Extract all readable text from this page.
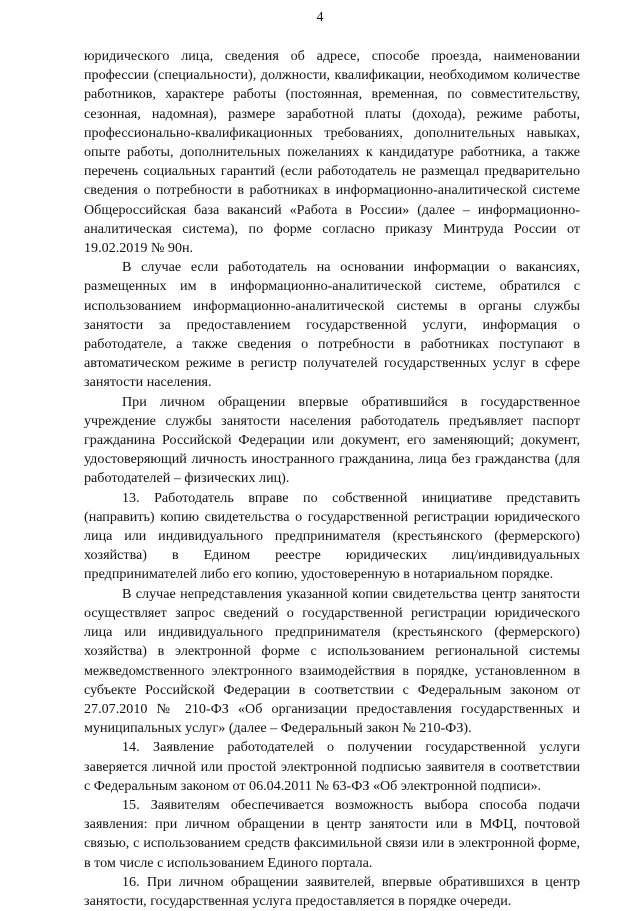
4

юридического лица, сведения об адресе, способе проезда, наименовании профессии (специальности), должности, квалификации, необходимом количестве работников, характере работы (постоянная, временная, по совместительству, сезонная, надомная), размере заработной платы (дохода), режиме работы, профессионально-квалификационных требованиях, дополнительных навыках, опыте работы, дополнительных пожеланиях к кандидатуре работника, а также перечень социальных гарантий (если работодатель не размещал предварительно сведения о потребности в работниках в информационно-аналитической системе Общероссийская база вакансий «Работа в России» (далее – информационно-аналитическая система), по форме согласно приказу Минтруда России от 19.02.2019 № 90н.

В случае если работодатель на основании информации о вакансиях, размещенных им в информационно-аналитической системе, обратился с использованием информационно-аналитической системы в органы службы занятости за предоставлением государственной услуги, информация о работодателе, а также сведения о потребности в работниках поступают в автоматическом режиме в регистр получателей государственных услуг в сфере занятости населения.

При личном обращении впервые обратившийся в государственное учреждение службы занятости населения работодатель предъявляет паспорт гражданина Российской Федерации или документ, его заменяющий; документ, удостоверяющий личность иностранного гражданина, лица без гражданства (для работодателей – физических лиц).

13. Работодатель вправе по собственной инициативе представить (направить) копию свидетельства о государственной регистрации юридического лица или индивидуального предпринимателя (крестьянского (фермерского) хозяйства) в Едином реестре юридических лиц/индивидуальных предпринимателей либо его копию, удостоверенную в нотариальном порядке.

В случае непредставления указанной копии свидетельства центр занятости осуществляет запрос сведений о государственной регистрации юридического лица или индивидуального предпринимателя (крестьянского (фермерского) хозяйства) в электронной форме с использованием региональной системы межведомственного электронного взаимодействия в порядке, установленном в субъекте Российской Федерации в соответствии с Федеральным законом от 27.07.2010 № 210-ФЗ «Об организации предоставления государственных и муниципальных услуг» (далее – Федеральный закон № 210-ФЗ).

14. Заявление работодателей о получении государственной услуги заверяется личной или простой электронной подписью заявителя в соответствии с Федеральным законом от 06.04.2011 № 63-ФЗ «Об электронной подписи».

15. Заявителям обеспечивается возможность выбора способа подачи заявления: при личном обращении в центр занятости или в МФЦ, почтовой связью, с использованием средств факсимильной связи или в электронной форме, в том числе с использованием Единого портала.

16. При личном обращении заявителей, впервые обратившихся в центр занятости, государственная услуга предоставляется в порядке очереди.
